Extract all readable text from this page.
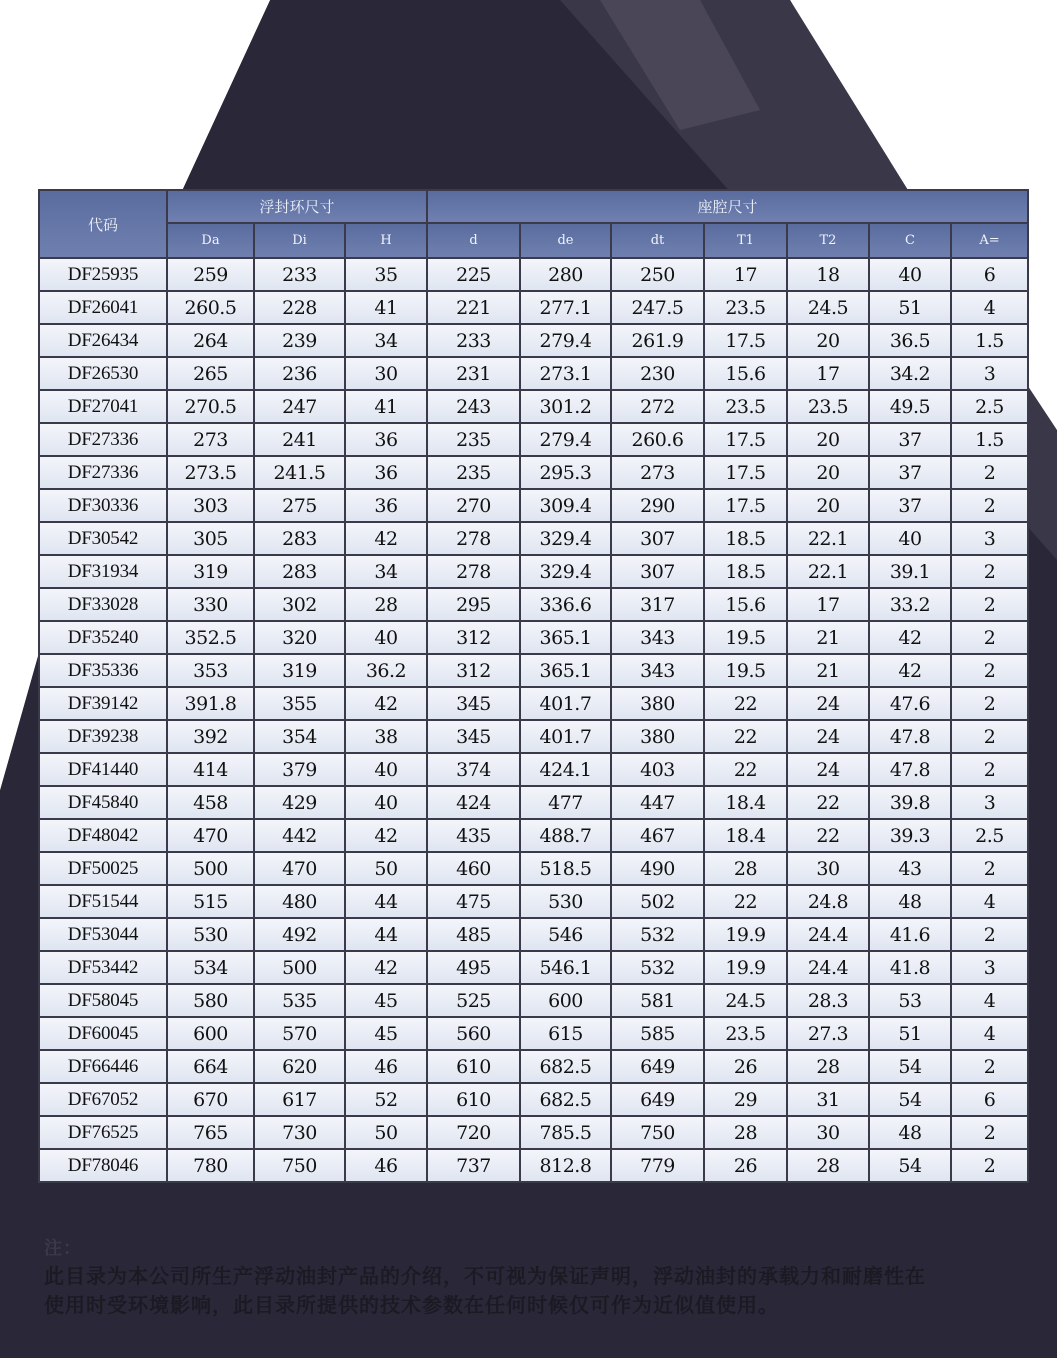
代码	浮封环尺寸			座腔尺寸						
	Da	Di	H	d	de	dt	T1	T2	C	A=
DF25935	259	233	35	225	280	250	17	18	40	6
DF26041	260.5	228	41	221	277.1	247.5	23.5	24.5	51	4
DF26434	264	239	34	233	279.4	261.9	17.5	20	36.5	1.5
DF26530	265	236	30	231	273.1	230	15.6	17	34.2	3
DF27041	270.5	247	41	243	301.2	272	23.5	23.5	49.5	2.5
DF27336	273	241	36	235	279.4	260.6	17.5	20	37	1.5
DF27336	273.5	241.5	36	235	295.3	273	17.5	20	37	2
DF30336	303	275	36	270	309.4	290	17.5	20	37	2
DF30542	305	283	42	278	329.4	307	18.5	22.1	40	3
DF31934	319	283	34	278	329.4	307	18.5	22.1	39.1	2
DF33028	330	302	28	295	336.6	317	15.6	17	33.2	2
DF35240	352.5	320	40	312	365.1	343	19.5	21	42	2
DF35336	353	319	36.2	312	365.1	343	19.5	21	42	2
DF39142	391.8	355	42	345	401.7	380	22	24	47.6	2
DF39238	392	354	38	345	401.7	380	22	24	47.8	2
DF41440	414	379	40	374	424.1	403	22	24	47.8	2
DF45840	458	429	40	424	477	447	18.4	22	39.8	3
DF48042	470	442	42	435	488.7	467	18.4	22	39.3	2.5
DF50025	500	470	50	460	518.5	490	28	30	43	2
DF51544	515	480	44	475	530	502	22	24.8	48	4
DF53044	530	492	44	485	546	532	19.9	24.4	41.6	2
DF53442	534	500	42	495	546.1	532	19.9	24.4	41.8	3
DF58045	580	535	45	525	600	581	24.5	28.3	53	4
DF60045	600	570	45	560	615	585	23.5	27.3	51	4
DF66446	664	620	46	610	682.5	649	26	28	54	2
DF67052	670	617	52	610	682.5	649	29	31	54	6
DF76525	765	730	50	720	785.5	750	28	30	48	2
DF78046	780	750	46	737	812.8	779	26	28	54	2
注：

此目录为本公司所生产浮动油封产品的介绍，不可视为保证声明，浮动油封的承载力和耐磨性在

使用时受环境影响，此目录所提供的技术参数在任何时候仅可作为近似值使用。
